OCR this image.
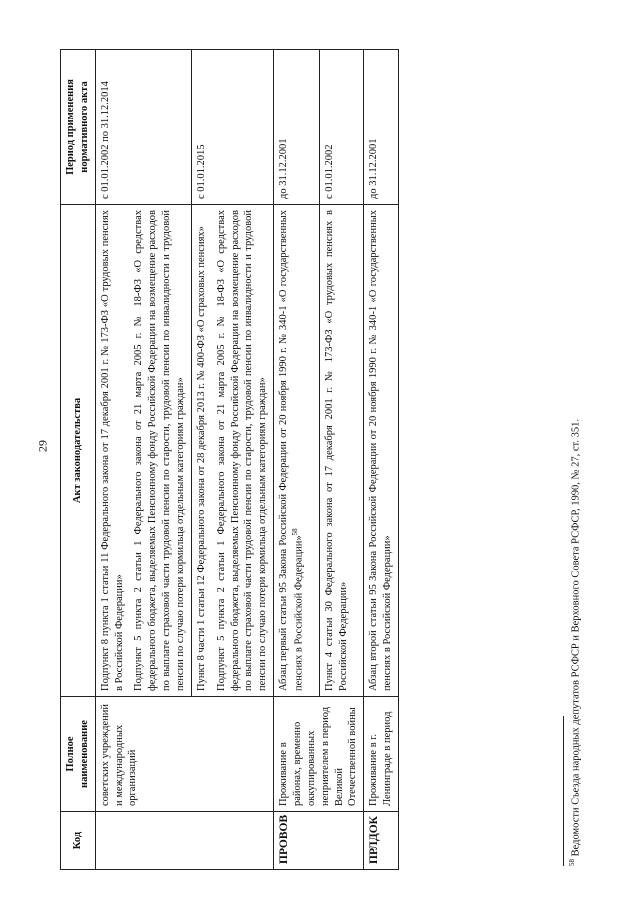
29
Код	Полное наименование	Акт законодательства	Период применения нормативного акта
	советских учреждений и международных организаций	Подпункт 8 пункта 1 статьи 11 Федерального закона от 17 декабря 2001 г. № 173-ФЗ «О трудовых пенсиях в Российской Федерации» Подпункт 5 пункта 2 статьи 1 Федерального закона от 21 марта 2005 г. № 18-ФЗ «О средствах федерального бюджета, выделяемых Пенсионному фонду Российской Федерации на возмещение расходов по выплате страховой части трудовой пенсии по старости, трудовой пенсии по инвалидности и трудовой пенсии по случаю потери кормильца отдельным категориям граждан»	с 01.01.2002 по 31.12.2014

		Пункт 8 части 1 статьи 12 Федерального закона от 28 декабря 2013 г. № 400-ФЗ «О страховых пенсиях» Подпункт 5 пункта 2 статьи 1 Федерального закона от 21 марта 2005 г. № 18-ФЗ «О средствах федерального бюджета, выделяемых Пенсионному фонду Российской Федерации на возмещение расходов по выплате страховой части трудовой пенсии по старости, трудовой пенсии по инвалидности и трудовой пенсии по случаю потери кормильца отдельным категориям граждан»	с 01.01.2015
ПРОВОВ	Проживание в районах, временно оккупированных неприятелем в период Великой Отечественной войны	Абзац первый статьи 95 Закона Российской Федерации от 20 ноября 1990 г. № 340-1 «О государственных пенсиях в Российской Федерации»$^{58}$	до 31.12.2001
		Пункт 4 статьи 30 Федерального закона от 17 декабря 2001 г. № 173-ФЗ «О трудовых пенсиях в Российской Федерации»	с 01.01.2002
ПРЛДОК	Проживание в г. Ленинграде в период	Абзац второй статьи 95 Закона Российской Федерации от 20 ноября 1990 г. № 340-1 «О государственных пенсиях в Российской Федерации»	до 31.12.2001
$^{58}$ Ведомости Съезда народных депутатов РСФСР и Верховного Совета РСФСР, 1990, № 27, ст. 351.
